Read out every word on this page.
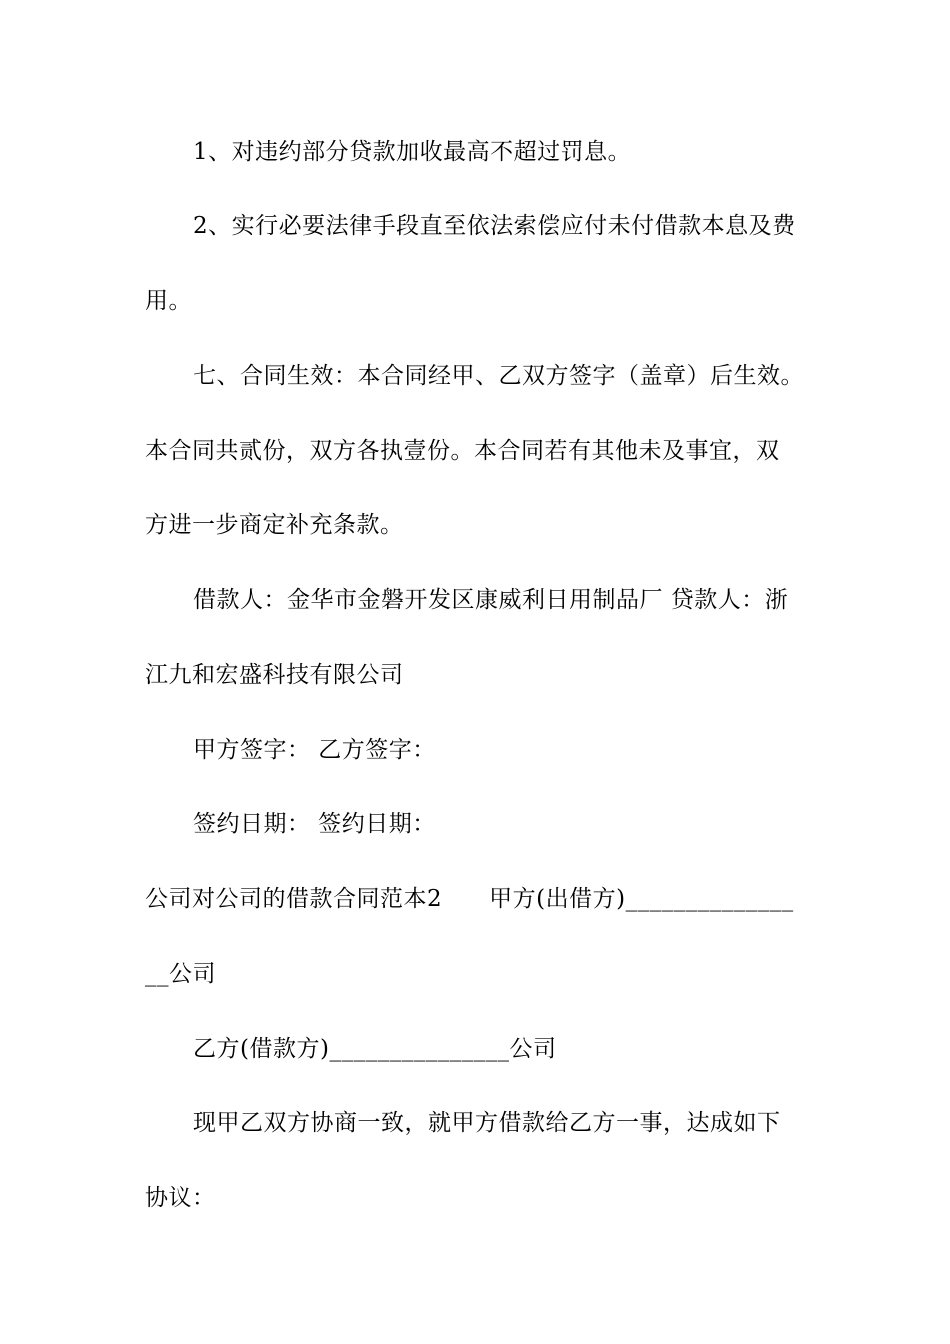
1、对违约部分贷款加收最高不超过罚息。
2、实行必要法律手段直至依法索偿应付未付借款本息及费
用。
七、合同生效：本合同经甲、乙双方签字（盖章）后生效。
本合同共贰份，双方各执壹份。本合同若有其他未及事宜，双
方进一步商定补充条款。
借款人：金华市金磐开发区康威利日用制品厂 贷款人：浙
江九和宏盛科技有限公司
甲方签字： 乙方签字：
签约日期： 签约日期：
公司对公司的借款合同范本2　　甲方(出借方)______________
__公司
乙方(借款方)_______________公司
现甲乙双方协商一致，就甲方借款给乙方一事，达成如下
协议：
